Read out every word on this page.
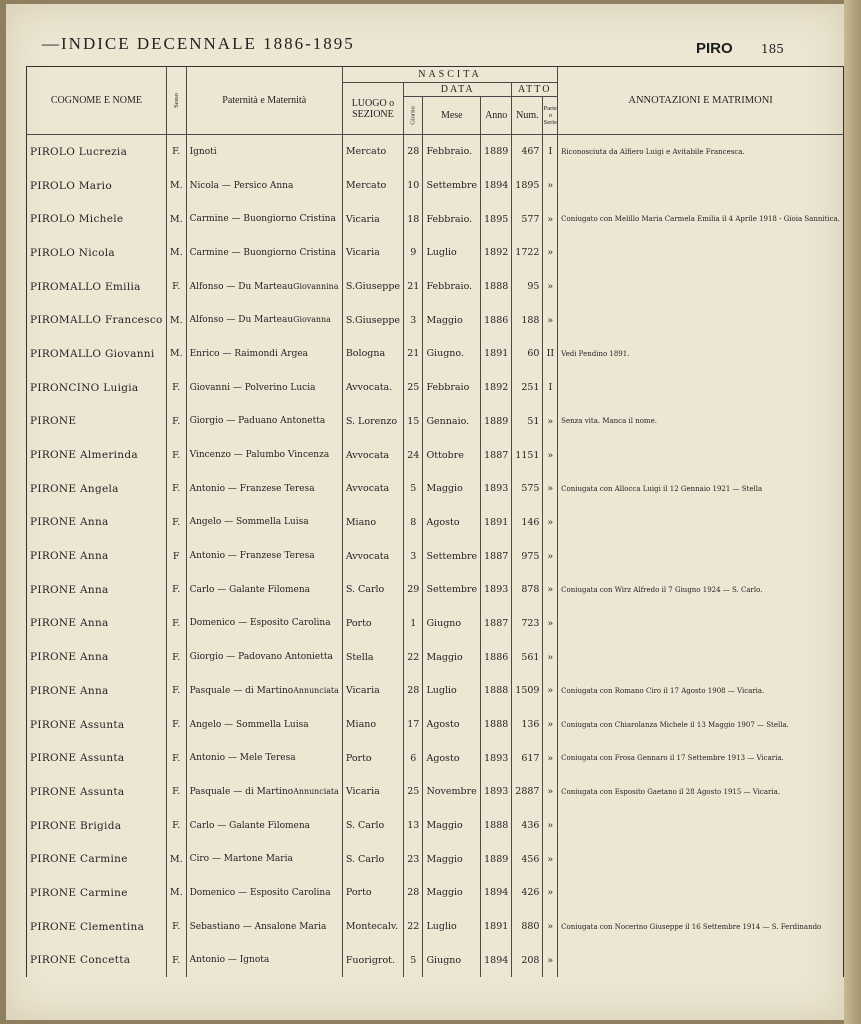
—INDICE DECENNALE 1886-1895	PIRO 185
COGNOME E NOME	Sesso	Paternità e Maternità	NASCITA						ANNOTAZIONI E MATRIMONI
			LUOGO o SEZIONE	DATA			ATTO		

				Giorno	Mese	Anno	Num.	Parte o Serie	

PIROLO Lucrezia	F.	Ignoti	Mercato	28	Febbraio.	1889	467	I	Riconosciuta da Alfiero Luigi e Avitabile Francesca.
PIROLO Mario	M.	Nicola — Persico Anna	Mercato	10	Settembre	1894	1895	»	
PIROLO Michele	M.	Carmine — Buongiorno Cristina	Vicaria	18	Febbraio.	1895	577	»	Coniugato con Melillo Maria Carmela Emilia il 4 Aprile 1918 - Gioia Sannitica.
PIROLO Nicola	M.	Carmine — Buongiorno Cristina	Vicaria	9	Luglio	1892	1722	»	
PIROMALLO Emilia	F.	Alfonso — Du MarteauGiovannina	S.Giuseppe	21	Febbraio.	1888	95	»	
PIROMALLO Francesco	M.	Alfonso — Du MarteauGiovanna	S.Giuseppe	3	Maggio	1886	188	»	
PIROMALLO Giovanni	M.	Enrico — Raimondi Argea	Bologna	21	Giugno.	1891	60	II	Vedi Pendino 1891.
PIRONCINO Luigia	F.	Giovanni — Polverino Lucia	Avvocata.	25	Febbraio	1892	251	I	
PIRONE	F.	Giorgio — Paduano Antonetta	S. Lorenzo	15	Gennaio.	1889	51	»	Senza vita. Manca il nome.
PIRONE Almerinda	F.	Vincenzo — Palumbo Vincenza	Avvocata	24	Ottobre	1887	1151	»	
PIRONE Angela	F.	Antonio — Franzese Teresa	Avvocata	5	Maggio	1893	575	»	Coniugata con Allocca Luigi il 12 Gennaio 1921 — Stella
PIRONE Anna	F.	Angelo — Sommella Luisa	Miano	8	Agosto	1891	146	»	
PIRONE Anna	F	Antonio — Franzese Teresa	Avvocata	3	Settembre	1887	975	»	
PIRONE Anna	F.	Carlo — Galante Filomena	S. Carlo	29	Settembre	1893	878	»	Coniugata con Wirz Alfredo il 7 Giugno 1924 — S. Carlo.
PIRONE Anna	F.	Domenico — Esposito Carolina	Porto	1	Giugno	1887	723	»	
PIRONE Anna	F.	Giorgio — Padovano Antonietta	Stella	22	Maggio	1886	561	»	
PIRONE Anna	F.	Pasquale — di MartinoAnnunciata	Vicaria	28	Luglio	1888	1509	»	Coniugata con Romano Ciro il 17 Agosto 1908 — Vicaria.
PIRONE Assunta	F.	Angelo — Sommella Luisa	Miano	17	Agosto	1888	136	»	Coniugata con Chiarolanza Michele il 13 Maggio 1907 — Stella.
PIRONE Assunta	F.	Antonio — Mele Teresa	Porto	6	Agosto	1893	617	»	Coniugata con Frosa Gennaro il 17 Settembre 1913 — Vicaria.
PIRONE Assunta	F.	Pasquale — di MartinoAnnunciata	Vicaria	25	Novembre	1893	2887	»	Coniugata con Esposito Gaetano il 28 Agosto 1915 — Vicaria.
PIRONE Brigida	F.	Carlo — Galante Filomena	S. Carlo	13	Maggio	1888	436	»	
PIRONE Carmine	M.	Ciro — Martone Maria	S. Carlo	23	Maggio	1889	456	»	
PIRONE Carmine	M.	Domenico — Esposito Carolina	Porto	28	Maggio	1894	426	»	
PIRONE Clementina	F.	Sebastiano — Ansalone Maria	Montecalv.	22	Luglio	1891	880	»	Coniugata con Nocerino Giuseppe il 16 Settembre 1914 — S. Ferdinando
PIRONE Concetta	F.	Antonio — Ignota	Fuorigrot.	5	Giugno	1894	208	»	
